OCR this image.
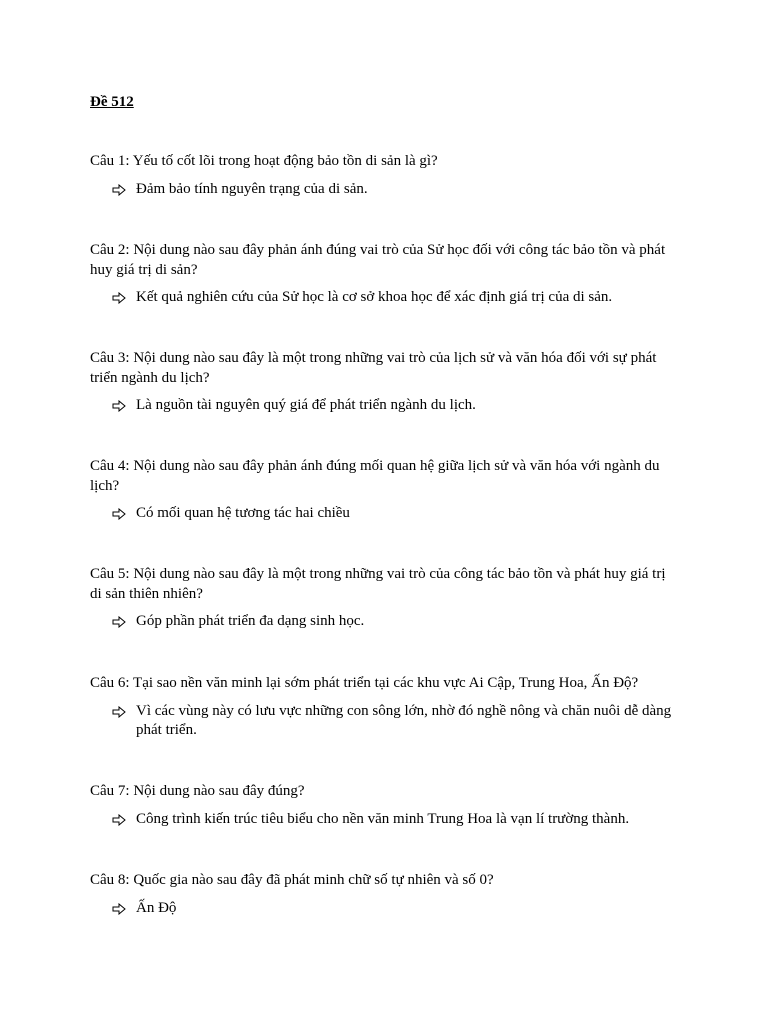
Đề 512

Câu 1: Yếu tố cốt lõi trong hoạt động bảo tồn di sản là gì?

Đảm bảo tính nguyên trạng của di sản.

Câu 2: Nội dung nào sau đây phản ánh đúng vai trò của Sử học đối với công tác bảo tồn và phát huy giá trị di sản?

Kết quả nghiên cứu của Sử học là cơ sở khoa học để xác định giá trị của di sản.

Câu 3: Nội dung nào sau đây là một trong những vai trò của lịch sử và văn hóa đối với sự phát triển ngành du lịch?

Là nguồn tài nguyên quý giá để phát triển ngành du lịch.

Câu 4: Nội dung nào sau đây phản ánh đúng mối quan hệ giữa lịch sử và văn hóa với ngành du lịch?

Có mối quan hệ tương tác hai chiều

Câu 5: Nội dung nào sau đây là một trong những vai trò của công tác bảo tồn và phát huy giá trị di sản thiên nhiên?

Góp phần phát triển đa dạng sinh học.

Câu 6: Tại sao nền văn minh lại sớm phát triển tại các khu vực Ai Cập, Trung Hoa, Ấn Độ?

Vì các vùng này có lưu vực những con sông lớn, nhờ đó nghề nông và chăn nuôi dễ dàng phát triển.

Câu 7: Nội dung nào sau đây đúng?

Công trình kiến trúc tiêu biểu cho nền văn minh Trung Hoa là vạn lí trường thành.

Câu 8: Quốc gia nào sau đây đã phát minh chữ số tự nhiên và số 0?

Ấn Độ
